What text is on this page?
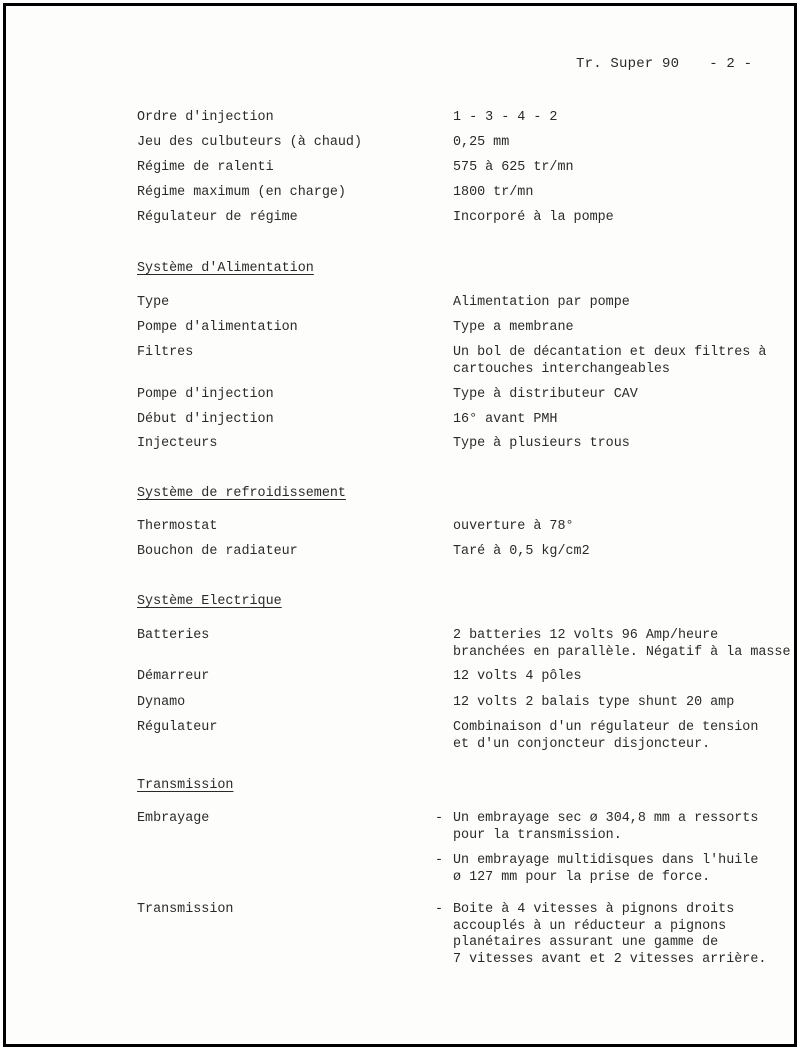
Tr. Super 90 - 2 -
Ordre d'injection	1 - 3 - 4 - 2
Jeu des culbuteurs (à chaud)	0,25 mm
Régime de ralenti	575 à 625 tr/mn
Régime maximum (en charge)	1800 tr/mn
Régulateur de régime	Incorporé à la pompe
Système d'Alimentation
Type	Alimentation par pompe
Pompe d'alimentation	Type a membrane
Filtres	Un bol de décantation et deux filtres à
cartouches interchangeables
Pompe d'injection	Type à distributeur CAV
Début d'injection	16° avant PMH
Injecteurs	Type à plusieurs trous
Système de refroidissement
Thermostat	ouverture à 78°
Bouchon de radiateur	Taré à 0,5 kg/cm2
Système Electrique
Batteries	2 batteries 12 volts 96 Amp/heure
branchées en parallèle. Négatif à la masse
Démarreur	12 volts 4 pôles
Dynamo	12 volts 2 balais type shunt 20 amp
Régulateur	Combinaison d'un régulateur de tension
et d'un conjoncteur disjoncteur.
Transmission
Embrayage	- Un embrayage sec ø 304,8 mm a ressorts
pour la transmission.
- Un embrayage multidisques dans l'huile
ø 127 mm pour la prise de force.
Transmission	- Boite à 4 vitesses à pignons droits
accouplés à un réducteur a pignons
planétaires assurant une gamme de
7 vitesses avant et 2 vitesses arrière.
